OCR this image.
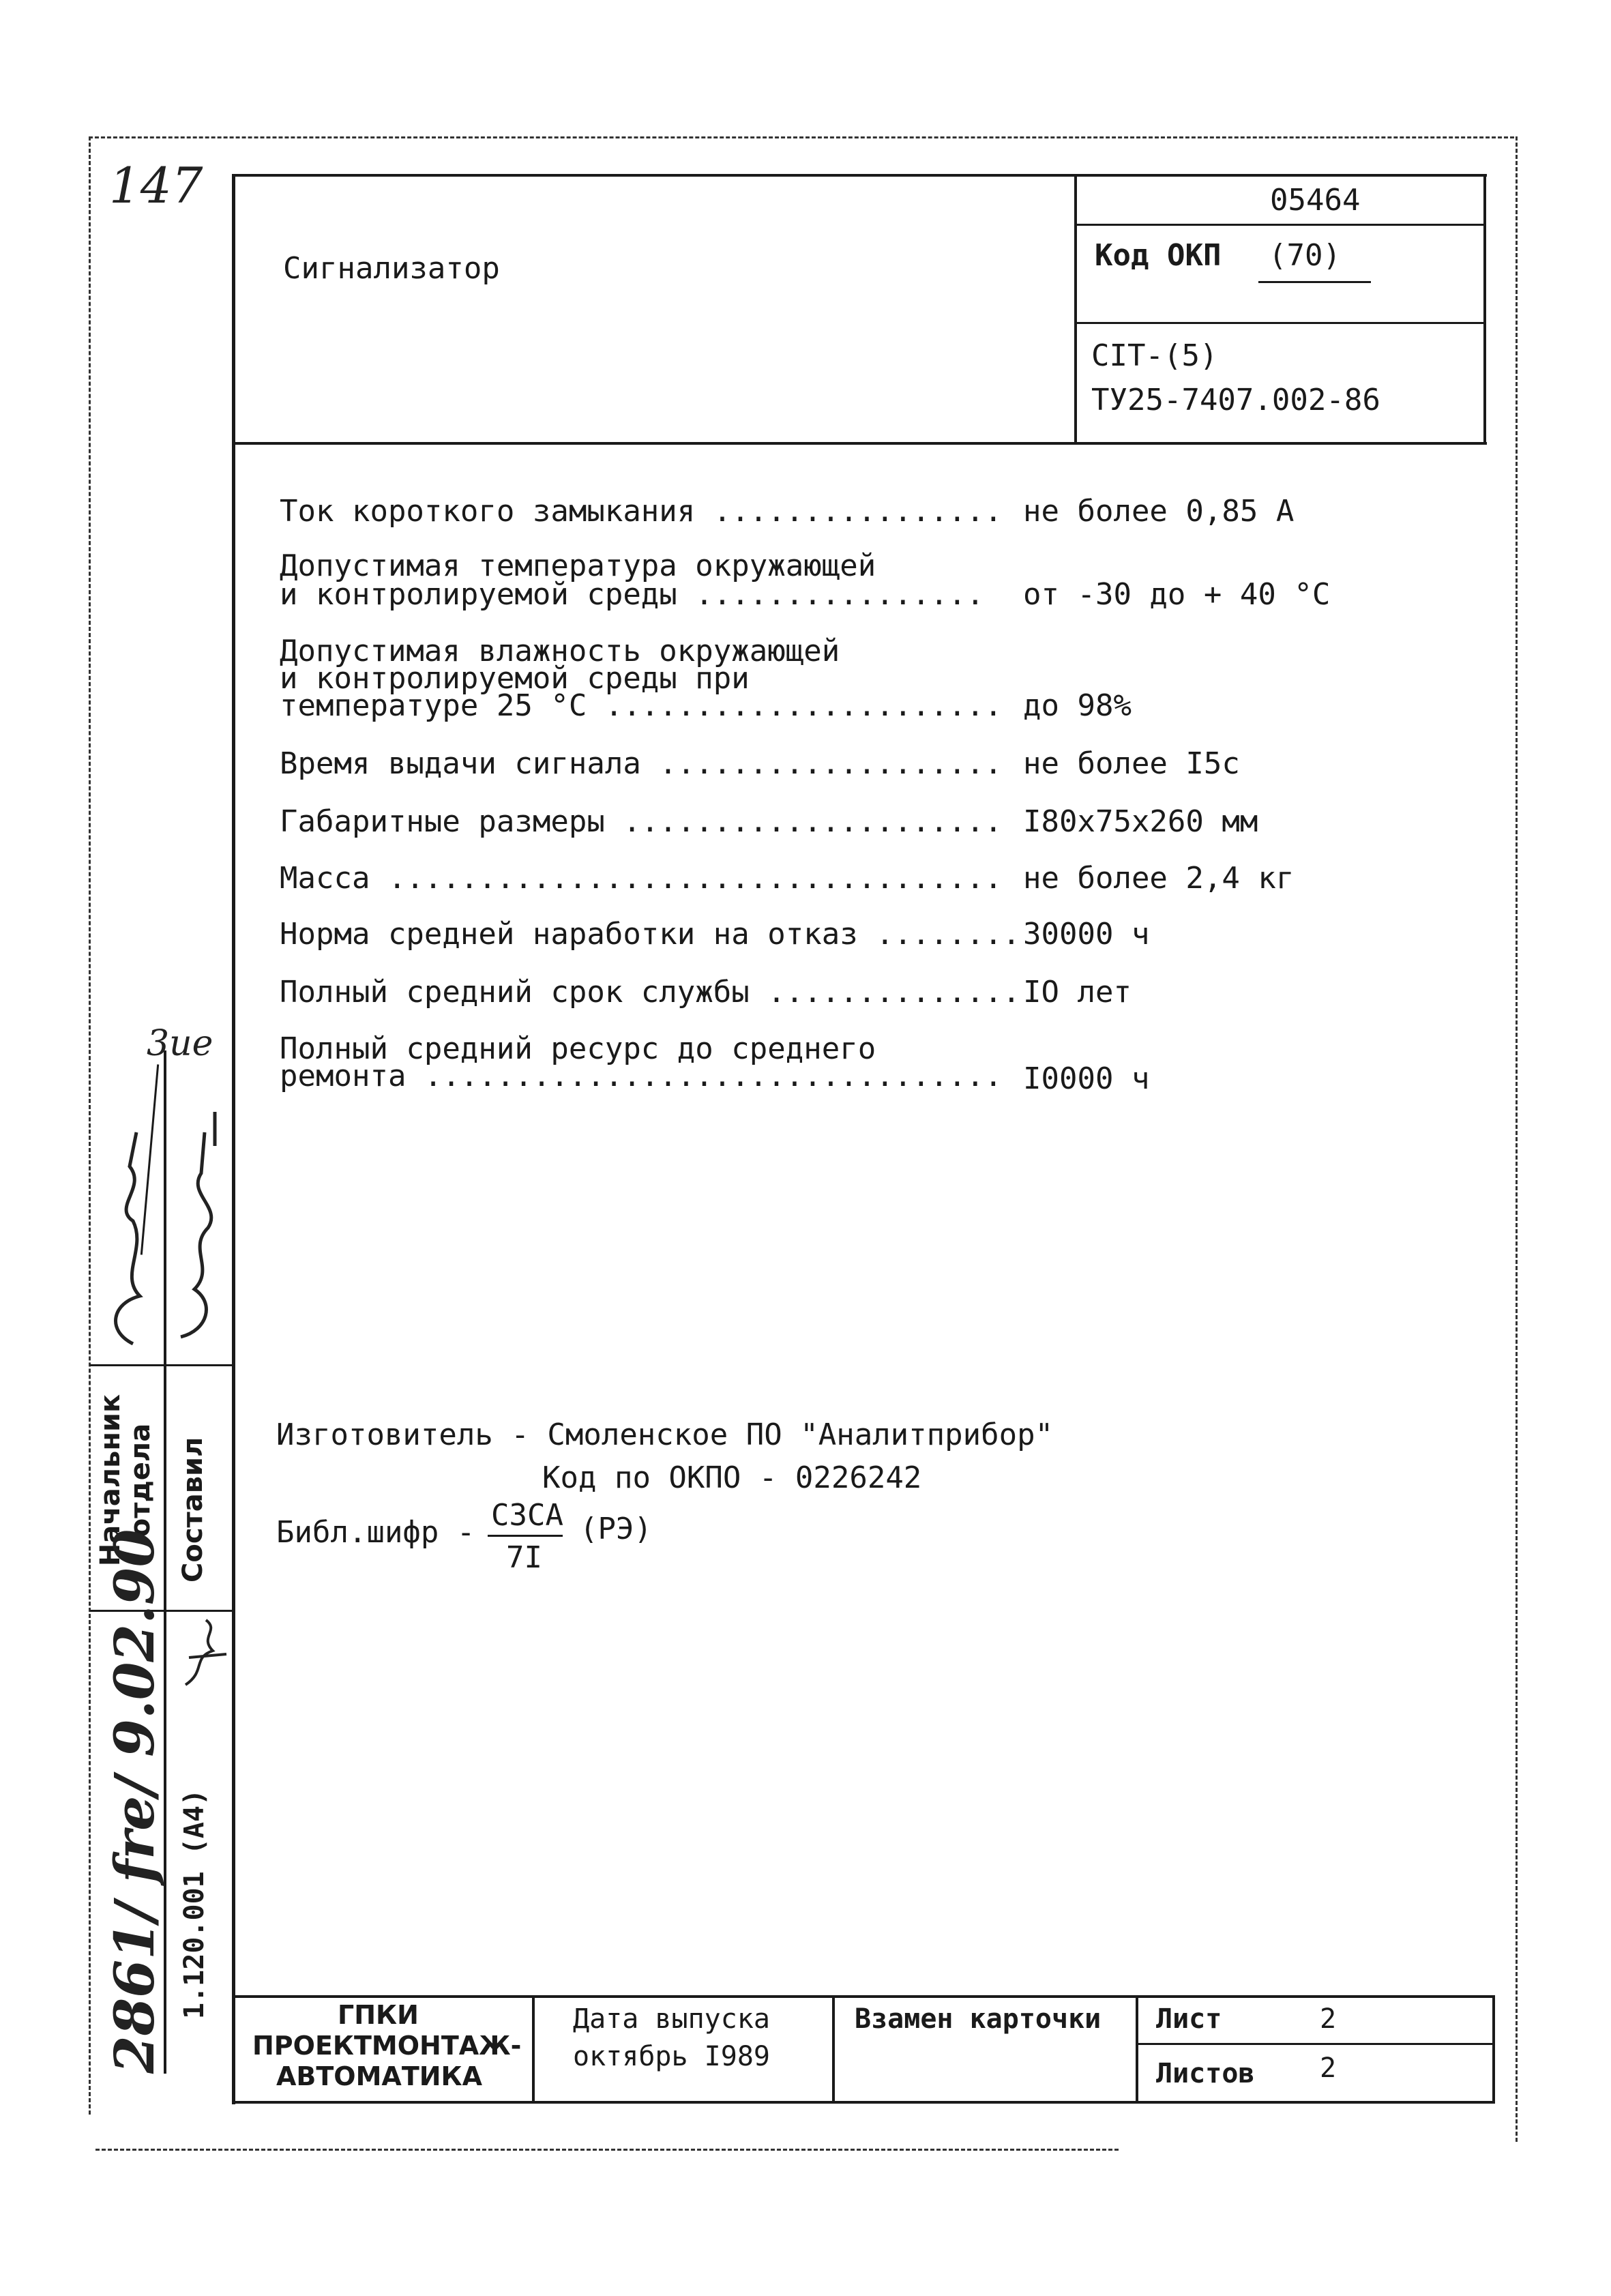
147
Сигнализатор
05464
Код ОКП (70)
СIТ-(5)
ТУ25-7407.002-86
Ток короткого замыкания ................ не более 0,85 А
Допустимая температура окружающей
и контролируемой среды ................ от -30 до + 40 °С
Допустимая влажность окружающей
и контролируемой среды при
температуре 25 °С ...................... до 98%
Время выдачи сигнала ................... не более I5с
Габаритные размеры ..................... I80х75х260 мм
Масса .................................. не более 2,4 кг
Норма средней наработки на отказ ........ 30000 ч
Полный средний срок службы .............. IO лет
Полный средний ресурс до среднего
ремонта ................................ I0000 ч
Изготовитель - Смоленское ПО "Аналитприбор"
Код по ОКПО - 0226242
Библ.шифр - СЗСА
7I
(РЭ)
Начальник отдела Составил
2861/ fre/ 9.02.90 1.120.001 (А4)
3ие
ГПКИ
ПРОЕКТМОНТАЖ-
АВТОМАТИКА
Дата выпуска
октябрь I989
Взамен карточки Лист	2
Листов 2
